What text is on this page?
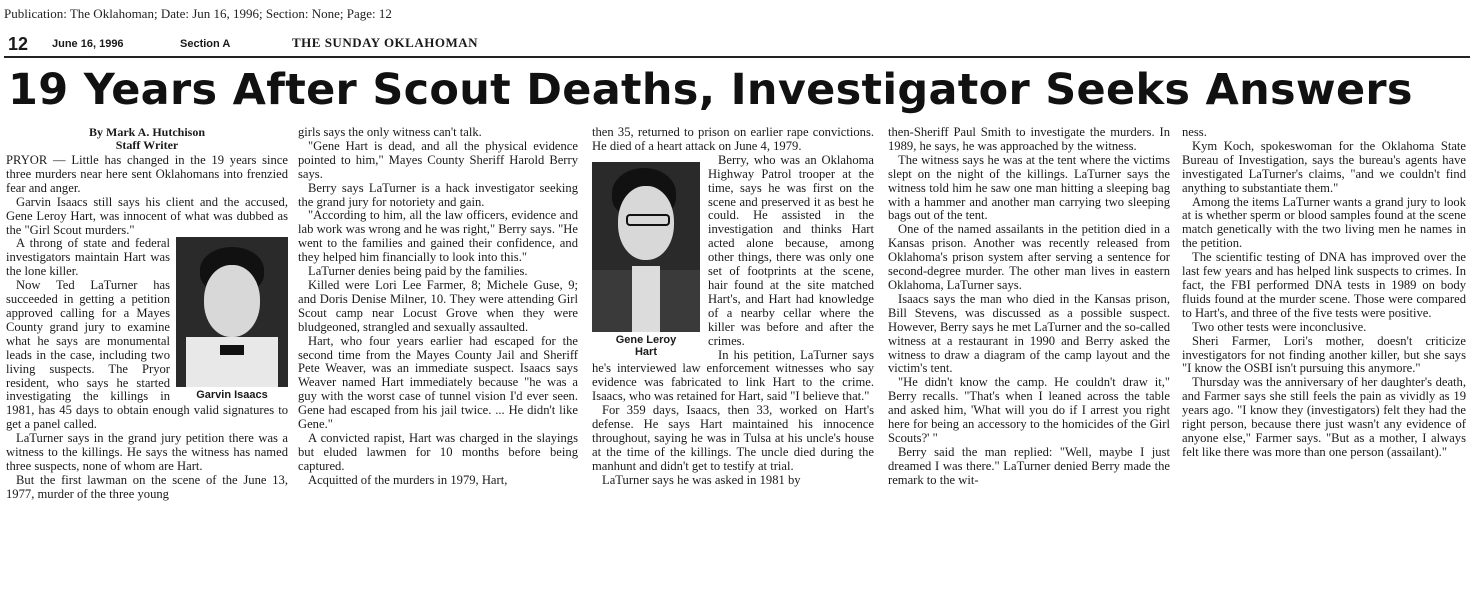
Publication: The Oklahoman; Date: Jun 16, 1996; Section: None; Page: 12
12 June 16, 1996	Section A	THE SUNDAY OKLAHOMAN
19 Years After Scout Deaths, Investigator Seeks Answers
By Mark A. Hutchison
Staff Writer

PRYOR — Little has changed in the 19 years since three murders near here sent Oklahomans into frenzied fear and anger.

Garvin Isaacs still says his client and the accused, Gene Leroy Hart, was innocent of what was dubbed as the "Girl Scout murders."

Garvin Isaacs

A throng of state and federal investigators maintain Hart was the lone killer.

Now Ted LaTurner has succeeded in getting a petition approved calling for a Mayes County grand jury to examine what he says are monumental leads in the case, including two living suspects. The Pryor resident, who says he started investigating the killings in 1981, has 45 days to obtain enough valid signatures to get a panel called.

LaTurner says in the grand jury petition there was a witness to the killings. He says the witness has named three suspects, none of whom are Hart.

But the first lawman on the scene of the June 13, 1977, murder of the three young

girls says the only witness can't talk.

"Gene Hart is dead, and all the physical evidence pointed to him," Mayes County Sheriff Harold Berry says.

Berry says LaTurner is a hack investigator seeking the grand jury for notoriety and gain.

"According to him, all the law officers, evidence and lab work was wrong and he was right," Berry says. "He went to the families and gained their confidence, and they helped him financially to look into this."

LaTurner denies being paid by the families.

Killed were Lori Lee Farmer, 8; Michele Guse, 9; and Doris Denise Milner, 10. They were attending Girl Scout camp near Locust Grove when they were bludgeoned, strangled and sexually assaulted.

Hart, who four years earlier had escaped for the second time from the Mayes County Jail and Sheriff Pete Weaver, was an immediate suspect. Isaacs says Weaver named Hart immediately because "he was a guy with the worst case of tunnel vision I'd ever seen. Gene had escaped from his jail twice. ... He didn't like Gene."

A convicted rapist, Hart was charged in the slayings but eluded lawmen for 10 months before being captured.

Acquitted of the murders in 1979, Hart,

then 35, returned to prison on earlier rape convictions. He died of a heart attack on June 4, 1979.

Gene Leroy
Hart

Berry, who was an Oklahoma Highway Patrol trooper at the time, says he was first on the scene and preserved it as best he could. He assisted in the investigation and thinks Hart acted alone because, among other things, there was only one set of footprints at the scene, hair found at the site matched Hart's, and Hart had knowledge of a nearby cellar where the killer was before and after the crimes.

In his petition, LaTurner says he's interviewed law enforcement witnesses who say evidence was fabricated to link Hart to the crime. Isaacs, who was retained for Hart, said "I believe that."

For 359 days, Isaacs, then 33, worked on Hart's defense. He says Hart maintained his innocence throughout, saying he was in Tulsa at his uncle's house at the time of the killings. The uncle died during the manhunt and didn't get to testify at trial.

LaTurner says he was asked in 1981 by

then-Sheriff Paul Smith to investigate the murders. In 1989, he says, he was approached by the witness.

The witness says he was at the tent where the victims slept on the night of the killings. LaTurner says the witness told him he saw one man hitting a sleeping bag with a hammer and another man carrying two sleeping bags out of the tent.

One of the named assailants in the petition died in a Kansas prison. Another was recently released from Oklahoma's prison system after serving a sentence for second-degree murder. The other man lives in eastern Oklahoma, LaTurner says.

Isaacs says the man who died in the Kansas prison, Bill Stevens, was discussed as a possible suspect. However, Berry says he met LaTurner and the so-called witness at a restaurant in 1990 and Berry asked the witness to draw a diagram of the camp layout and the victim's tent.

"He didn't know the camp. He couldn't draw it," Berry recalls. "That's when I leaned across the table and asked him, 'What will you do if I arrest you right here for being an accessory to the homicides of the Girl Scouts?' "

Berry said the man replied: "Well, maybe I just dreamed I was there." LaTurner denied Berry made the remark to the wit-

ness.

Kym Koch, spokeswoman for the Oklahoma State Bureau of Investigation, says the bureau's agents have investigated LaTurner's claims, "and we couldn't find anything to substantiate them."

Among the items LaTurner wants a grand jury to look at is whether sperm or blood samples found at the scene match genetically with the two living men he names in the petition.

The scientific testing of DNA has improved over the last few years and has helped link suspects to crimes. In fact, the FBI performed DNA tests in 1989 on body fluids found at the murder scene. Those were compared to Hart's, and three of the five tests were positive.

Two other tests were inconclusive.

Sheri Farmer, Lori's mother, doesn't criticize investigators for not finding another killer, but she says "I know the OSBI isn't pursuing this anymore."

Thursday was the anniversary of her daughter's death, and Farmer says she still feels the pain as vividly as 19 years ago. "I know they (investigators) felt they had the right person, because there just wasn't any evidence of anyone else," Farmer says. "But as a mother, I always felt like there was more than one person (assailant)."
